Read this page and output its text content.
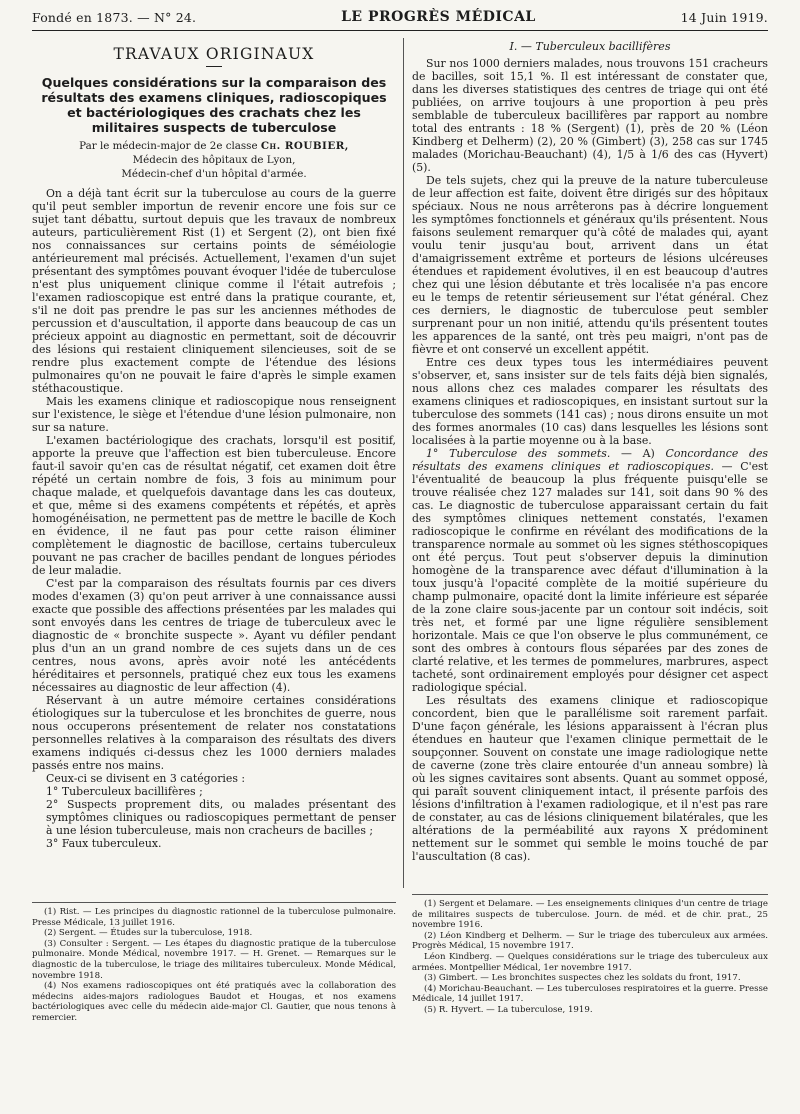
Fondé en 1873. — N° 24.	LE PROGRÈS MÉDICAL	14 Juin 1919.
TRAVAUX ORIGINAUX
Quelques considérations sur la comparaison des résultats des examens cliniques, radioscopiques et bactériologiques des crachats chez les militaires suspects de tuberculose
Par le médecin-major de 2e classe Ch. ROUBIER,
Médecin des hôpitaux de Lyon,
Médecin-chef d'un hôpital d'armée.

On a déjà tant écrit sur la tuberculose au cours de la guerre qu'il peut sembler importun de revenir encore une fois sur ce sujet tant débattu, surtout depuis que les travaux de nombreux auteurs, particulièrement Rist (1) et Sergent (2), ont bien fixé nos connaissances sur certains points de séméiologie antérieurement mal précisés. Actuellement, l'examen d'un sujet présentant des symptômes pouvant évoquer l'idée de tuberculose n'est plus uniquement clinique comme il l'était autrefois ; l'examen radioscopique est entré dans la pratique courante, et, s'il ne doit pas prendre le pas sur les anciennes méthodes de percussion et d'auscultation, il apporte dans beaucoup de cas un précieux appoint au diagnostic en permettant, soit de découvrir des lésions qui restaient cliniquement silencieuses, soit de se rendre plus exactement compte de l'étendue des lésions pulmonaires qu'on ne pouvait le faire d'après le simple examen stéthacoustique.

Mais les examens clinique et radioscopique nous renseignent sur l'existence, le siège et l'étendue d'une lésion pulmonaire, non sur sa nature.

L'examen bactériologique des crachats, lorsqu'il est positif, apporte la preuve que l'affection est bien tuberculeuse. Encore faut-il savoir qu'en cas de résultat négatif, cet examen doit être répété un certain nombre de fois, 3 fois au minimum pour chaque malade, et quelquefois davantage dans les cas douteux, et que, même si des examens compétents et répétés, et après homogénéisation, ne permettent pas de mettre le bacille de Koch en évidence, il ne faut pas pour cette raison éliminer complètement le diagnostic de bacillose, certains tuberculeux pouvant ne pas cracher de bacilles pendant de longues périodes de leur maladie.

C'est par la comparaison des résultats fournis par ces divers modes d'examen (3) qu'on peut arriver à une connaissance aussi exacte que possible des affections présentées par les malades qui sont envoyés dans les centres de triage de tuberculeux avec le diagnostic de « bronchite suspecte ». Ayant vu défiler pendant plus d'un an un grand nombre de ces sujets dans un de ces centres, nous avons, après avoir noté les antécédents héréditaires et personnels, pratiqué chez eux tous les examens nécessaires au diagnostic de leur affection (4).

Réservant à un autre mémoire certaines considérations étiologiques sur la tuberculose et les bronchites de guerre, nous nous occuperons présentement de relater nos constatations personnelles relatives à la comparaison des résultats des divers examens indiqués ci-dessus chez les 1000 derniers malades passés entre nos mains.

Ceux-ci se divisent en 3 catégories :

1° Tuberculeux bacillifères ;

2° Suspects proprement dits, ou malades présentant des symptômes cliniques ou radioscopiques permettant de penser à une lésion tuberculeuse, mais non cracheurs de bacilles ;

3° Faux tuberculeux.

I. — Tuberculeux bacillifères

Sur nos 1000 derniers malades, nous trouvons 151 cracheurs de bacilles, soit 15,1 %. Il est intéressant de constater que, dans les diverses statistiques des centres de triage qui ont été publiées, on arrive toujours à une proportion à peu près semblable de tuberculeux bacillifères par rapport au nombre total des entrants : 18 % (Sergent) (1), près de 20 % (Léon Kindberg et Delherm) (2), 20 % (Gimbert) (3), 258 cas sur 1745 malades (Morichau-Beauchant) (4), 1/5 à 1/6 des cas (Hyvert) (5).

De tels sujets, chez qui la preuve de la nature tuberculeuse de leur affection est faite, doivent être dirigés sur des hôpitaux spéciaux. Nous ne nous arrêterons pas à décrire longuement les symptômes fonctionnels et généraux qu'ils présentent. Nous faisons seulement remarquer qu'à côté de malades qui, ayant voulu tenir jusqu'au bout, arrivent dans un état d'amaigrissement extrême et porteurs de lésions ulcéreuses étendues et rapidement évolutives, il en est beaucoup d'autres chez qui une lésion débutante et très localisée n'a pas encore eu le temps de retentir sérieusement sur l'état général. Chez ces derniers, le diagnostic de tuberculose peut sembler surprenant pour un non initié, attendu qu'ils présentent toutes les apparences de la santé, ont très peu maigri, n'ont pas de fièvre et ont conservé un excellent appétit.

Entre ces deux types tous les intermédiaires peuvent s'observer, et, sans insister sur de tels faits déjà bien signalés, nous allons chez ces malades comparer les résultats des examens cliniques et radioscopiques, en insistant surtout sur la tuberculose des sommets (141 cas) ; nous dirons ensuite un mot des formes anormales (10 cas) dans lesquelles les lésions sont localisées à la partie moyenne ou à la base.

1° Tuberculose des sommets. — A) Concordance des résultats des examens cliniques et radioscopiques. — C'est l'éventualité de beaucoup la plus fréquente puisqu'elle se trouve réalisée chez 127 malades sur 141, soit dans 90 % des cas. Le diagnostic de tuberculose apparaissant certain du fait des symptômes cliniques nettement constatés, l'examen radioscopique le confirme en révélant des modifications de la transparence normale au sommet où les signes stéthoscopiques ont été perçus. Tout peut s'observer depuis la diminution homogène de la transparence avec défaut d'illumination à la toux jusqu'à l'opacité complète de la moitié supérieure du champ pulmonaire, opacité dont la limite inférieure est séparée de la zone claire sous-jacente par un contour soit indécis, soit très net, et formé par une ligne régulière sensiblement horizontale. Mais ce que l'on observe le plus communément, ce sont des ombres à contours flous séparées par des zones de clarté relative, et les termes de pommelures, marbrures, aspect tacheté, sont ordinairement employés pour désigner cet aspect radiologique spécial.

Les résultats des examens clinique et radioscopique concordent, bien que le parallélisme soit rarement parfait. D'une façon générale, les lésions apparaissent à l'écran plus étendues en hauteur que l'examen clinique permettait de le soupçonner. Souvent on constate une image radiologique nette de caverne (zone très claire entourée d'un anneau sombre) là où les signes cavitaires sont absents. Quant au sommet opposé, qui paraît souvent cliniquement intact, il présente parfois des lésions d'infiltration à l'examen radiologique, et il n'est pas rare de constater, au cas de lésions cliniquement bilatérales, que les altérations de la perméabilité aux rayons X prédominent nettement sur le sommet qui semble le moins touché de par l'auscultation (8 cas).

(1) Rist. — Les principes du diagnostic rationnel de la tuberculose pulmonaire. Presse Médicale, 13 juillet 1916.

(2) Sergent. — Études sur la tuberculose, 1918.

(3) Consulter : Sergent. — Les étapes du diagnostic pratique de la tuberculose pulmonaire. Monde Médical, novembre 1917. — H. Grenet. — Remarques sur le diagnostic de la tuberculose, le triage des militaires tuberculeux. Monde Médical, novembre 1918.

(4) Nos examens radioscopiques ont été pratiqués avec la collaboration des médecins aides-majors radiologues Baudot et Hougas, et nos examens bactériologiques avec celle du médecin aide-major Cl. Gautier, que nous tenons à remercier.

(1) Sergent et Delamare. — Les enseignements cliniques d'un centre de triage de militaires suspects de tuberculose. Journ. de méd. et de chir. prat., 25 novembre 1916.

(2) Léon Kindberg et Delherm. — Sur le triage des tuberculeux aux armées. Progrès Médical, 15 novembre 1917.

Léon Kindberg. — Quelques considérations sur le triage des tuberculeux aux armées. Montpellier Médical, 1er novembre 1917.

(3) Gimbert. — Les bronchites suspectes chez les soldats du front, 1917.

(4) Morichau-Beauchant. — Les tuberculoses respiratoires et la guerre. Presse Médicale, 14 juillet 1917.

(5) R. Hyvert. — La tuberculose, 1919.
